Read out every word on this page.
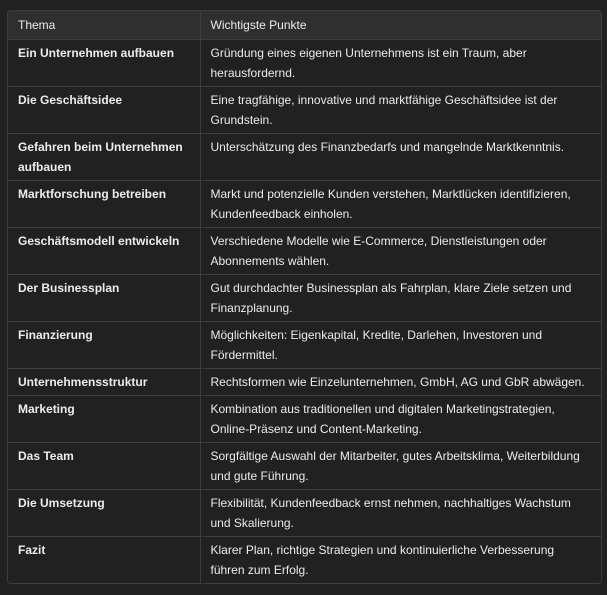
Thema	Wichtigste Punkte
Ein Unternehmen aufbauen	Gründung eines eigenen Unternehmens ist ein Traum, aber herausfordernd.
Die Geschäftsidee	Eine tragfähige, innovative und marktfähige Geschäftsidee ist der Grundstein.
Gefahren beim Unternehmen aufbauen	Unterschätzung des Finanzbedarfs und mangelnde Marktkenntnis.
Marktforschung betreiben	Markt und potenzielle Kunden verstehen, Marktlücken identifizieren, Kundenfeedback einholen.
Geschäftsmodell entwickeln	Verschiedene Modelle wie E-Commerce, Dienstleistungen oder Abonnements wählen.
Der Businessplan	Gut durchdachter Businessplan als Fahrplan, klare Ziele setzen und Finanzplanung.
Finanzierung	Möglichkeiten: Eigenkapital, Kredite, Darlehen, Investoren und Fördermittel.
Unternehmensstruktur	Rechtsformen wie Einzelunternehmen, GmbH, AG und GbR abwägen.
Marketing	Kombination aus traditionellen und digitalen Marketingstrategien, Online-Präsenz und Content-Marketing.
Das Team	Sorgfältige Auswahl der Mitarbeiter, gutes Arbeitsklima, Weiterbildung und gute Führung.
Die Umsetzung	Flexibilität, Kundenfeedback ernst nehmen, nachhaltiges Wachstum und Skalierung.
Fazit	Klarer Plan, richtige Strategien und kontinuierliche Verbesserung führen zum Erfolg.
